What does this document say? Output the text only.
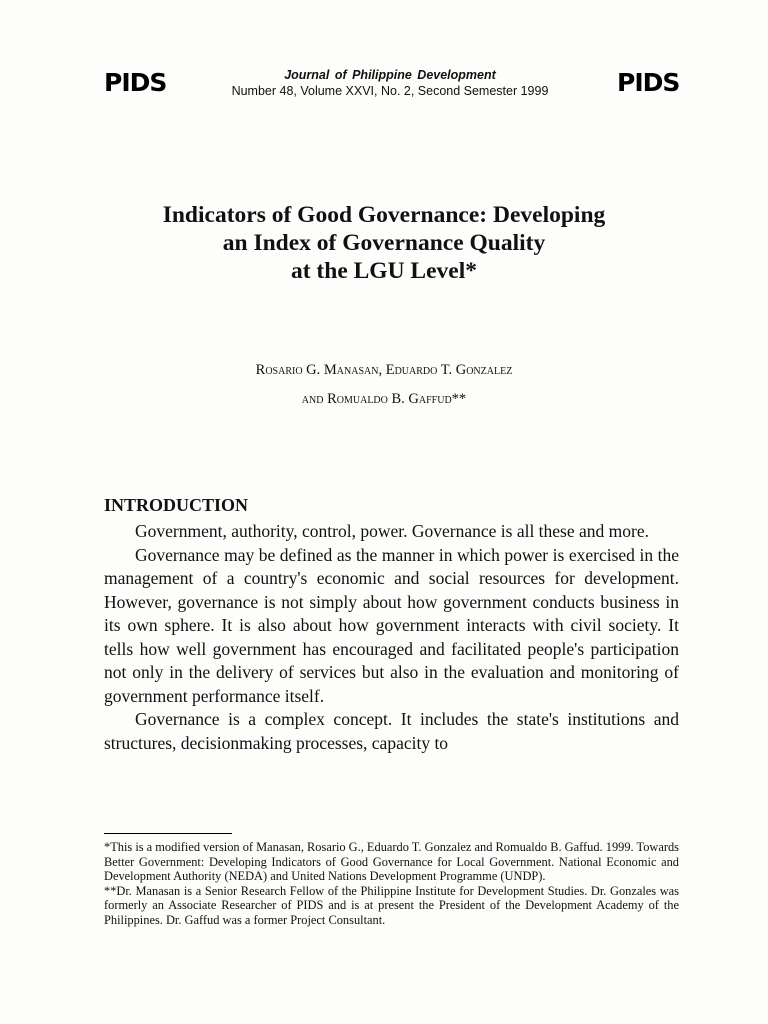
PIDS	PIDS
Journal of Philippine Development
Number 48, Volume XXVI, No. 2, Second Semester 1999
Indicators of Good Governance: Developing
an Index of Governance Quality
at the LGU Level*
Rosario G. Manasan, Eduardo T. Gonzalez
and Romualdo B. Gaffud**
INTRODUCTION

Government, authority, control, power. Governance is all these and more.

Governance may be defined as the manner in which power is exercised in the management of a country's economic and social resources for development. However, governance is not simply about how government conducts business in its own sphere. It is also about how government interacts with civil society. It tells how well government has encouraged and facilitated people's participation not only in the delivery of services but also in the evaluation and monitoring of government performance itself.

Governance is a complex concept. It includes the state's institutions and structures, decisionmaking processes, capacity to

*This is a modified version of Manasan, Rosario G., Eduardo T. Gonzalez and Romualdo B. Gaffud. 1999. Towards Better Government: Developing Indicators of Good Governance for Local Government. National Economic and Development Authority (NEDA) and United Nations Development Programme (UNDP).

**Dr. Manasan is a Senior Research Fellow of the Philippine Institute for Development Studies. Dr. Gonzales was formerly an Associate Researcher of PIDS and is at present the President of the Development Academy of the Philippines. Dr. Gaffud was a former Project Consultant.
